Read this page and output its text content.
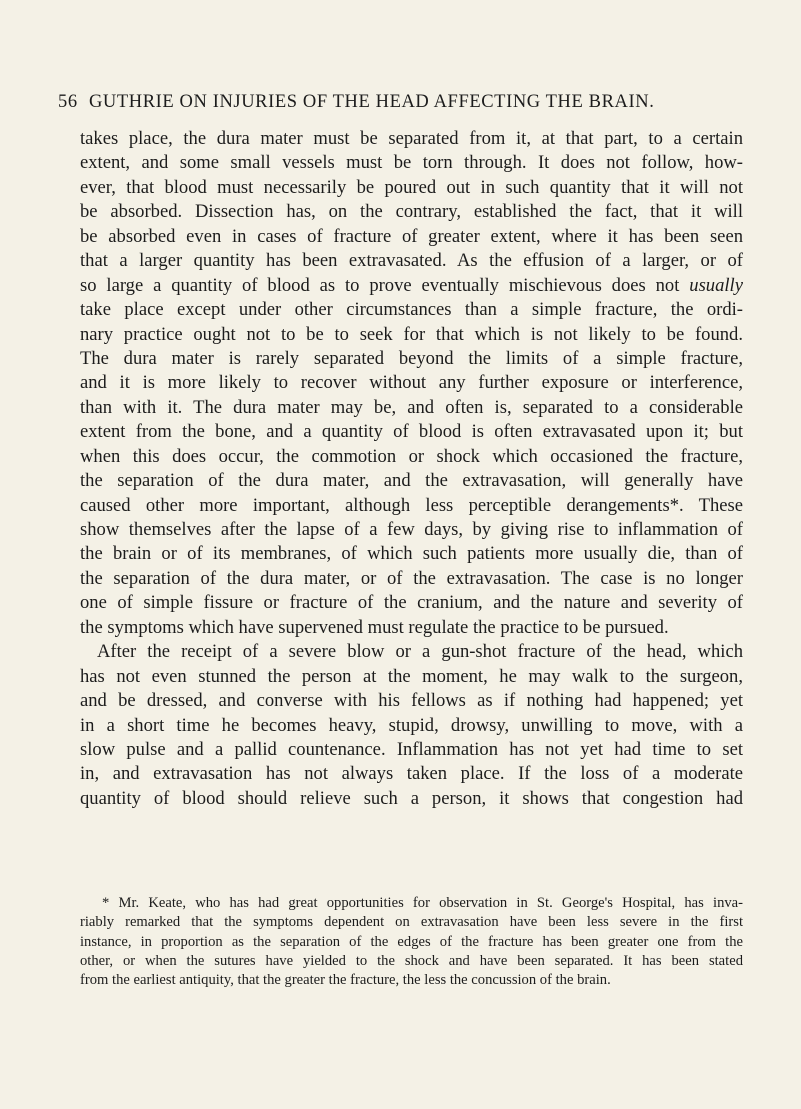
56 GUTHRIE ON INJURIES OF THE HEAD AFFECTING THE BRAIN.
takes place, the dura mater must be separated from it, at that part, to a certain
extent, and some small vessels must be torn through. It does not follow, how-
ever, that blood must necessarily be poured out in such quantity that it will not
be absorbed. Dissection has, on the contrary, established the fact, that it will
be absorbed even in cases of fracture of greater extent, where it has been seen
that a larger quantity has been extravasated. As the effusion of a larger, or of
so large a quantity of blood as to prove eventually mischievous does not usually
take place except under other circumstances than a simple fracture, the ordi-
nary practice ought not to be to seek for that which is not likely to be found.
The dura mater is rarely separated beyond the limits of a simple fracture,
and it is more likely to recover without any further exposure or interference,
than with it. The dura mater may be, and often is, separated to a considerable
extent from the bone, and a quantity of blood is often extravasated upon it; but
when this does occur, the commotion or shock which occasioned the fracture,
the separation of the dura mater, and the extravasation, will generally have
caused other more important, although less perceptible derangements*. These
show themselves after the lapse of a few days, by giving rise to inflammation of
the brain or of its membranes, of which such patients more usually die, than of
the separation of the dura mater, or of the extravasation. The case is no longer
one of simple fissure or fracture of the cranium, and the nature and severity of
the symptoms which have supervened must regulate the practice to be pursued.
After the receipt of a severe blow or a gun-shot fracture of the head, which
has not even stunned the person at the moment, he may walk to the surgeon,
and be dressed, and converse with his fellows as if nothing had happened; yet
in a short time he becomes heavy, stupid, drowsy, unwilling to move, with a
slow pulse and a pallid countenance. Inflammation has not yet had time to set
in, and extravasation has not always taken place. If the loss of a moderate
quantity of blood should relieve such a person, it shows that congestion had
* Mr. Keate, who has had great opportunities for observation in St. George's Hospital, has inva-
riably remarked that the symptoms dependent on extravasation have been less severe in the first
instance, in proportion as the separation of the edges of the fracture has been greater one from the
other, or when the sutures have yielded to the shock and have been separated. It has been stated
from the earliest antiquity, that the greater the fracture, the less the concussion of the brain.
